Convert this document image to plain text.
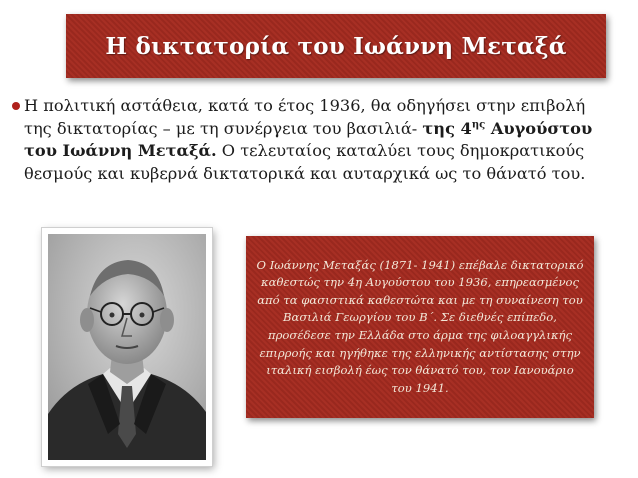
Η δικτατορία του Ιωάννη Μεταξά
Η πολιτική αστάθεια, κατά το έτος 1936, θα οδηγήσει στην επιβολή της δικτατορίας – με τη συνέργεια του βασιλιά- της $4^{\eta\varsigma}$ Αυγούστου του Ιωάννη Μεταξά. Ο τελευταίος καταλύει τους δημοκρατικούς θεσμούς και κυβερνά δικτατορικά και αυταρχικά ως το θάνατό του.
Ο Ιωάννης Μεταξάς (1871- 1941) επέβαλε δικτατορικό καθεστώς την 4η Αυγούστου του 1936, επηρεασμένος από τα φασιστικά καθεστώτα και με τη συναίνεση του Βασιλιά Γεωργίου του Β΄. Σε διεθνές επίπεδο, προσέδεσε την Ελλάδα στο άρμα της φιλοαγγλικής επιρροής και ηγήθηκε της ελληνικής αντίστασης στην ιταλική εισβολή έως τον θάνατό του, τον Ιανουάριο του 1941.
